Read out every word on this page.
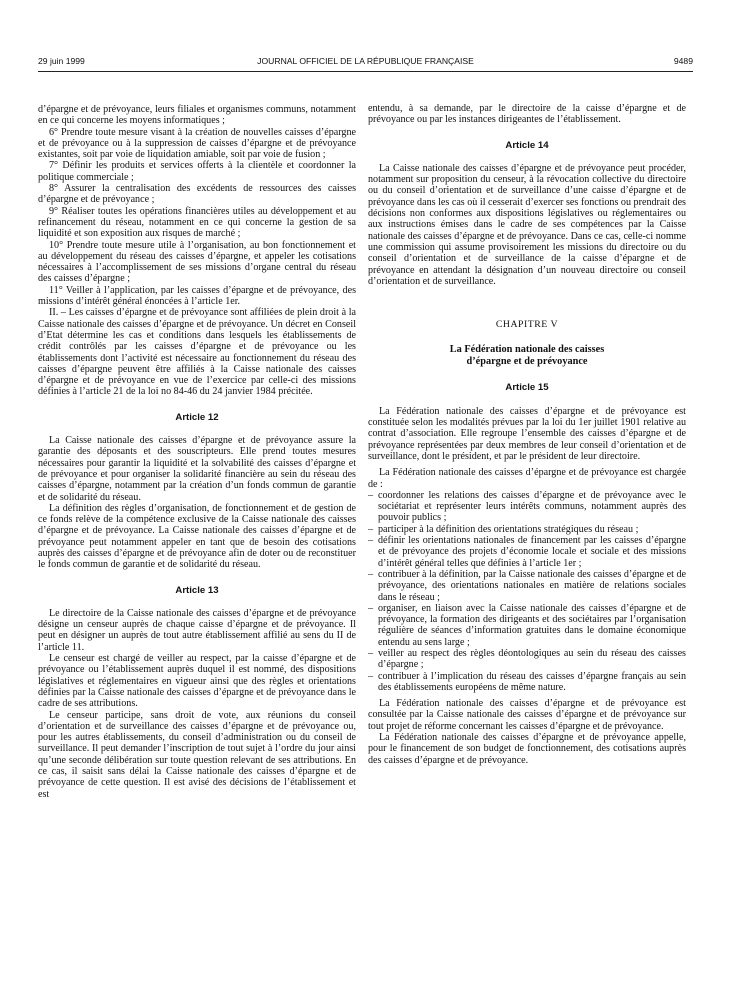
29 juin 1999	JOURNAL OFFICIEL DE LA RÉPUBLIQUE FRANÇAISE	9489

d’épargne et de prévoyance, leurs filiales et organismes communs, notamment en ce qui concerne les moyens informatiques ;

6° Prendre toute mesure visant à la création de nouvelles caisses d’épargne et de prévoyance ou à la suppression de caisses d’épargne et de prévoyance existantes, soit par voie de liquidation amiable, soit par voie de fusion ;

7° Définir les produits et services offerts à la clientèle et coordonner la politique commerciale ;

8° Assurer la centralisation des excédents de ressources des caisses d’épargne et de prévoyance ;

9° Réaliser toutes les opérations financières utiles au développement et au refinancement du réseau, notamment en ce qui concerne la gestion de sa liquidité et son exposition aux risques de marché ;

10° Prendre toute mesure utile à l’organisation, au bon fonctionnement et au développement du réseau des caisses d’épargne, et appeler les cotisations nécessaires à l’accomplissement de ses missions d’organe central du réseau des caisses d’épargne ;

11° Veiller à l’application, par les caisses d’épargne et de prévoyance, des missions d’intérêt général énoncées à l’article 1er.

II. – Les caisses d’épargne et de prévoyance sont affiliées de plein droit à la Caisse nationale des caisses d’épargne et de prévoyance. Un décret en Conseil d’Etat détermine les cas et conditions dans lesquels les établissements de crédit contrôlés par les caisses d’épargne et de prévoyance ou les établissements dont l’activité est nécessaire au fonctionnement du réseau des caisses d’épargne peuvent être affiliés à la Caisse nationale des caisses d’épargne et de prévoyance en vue de l’exercice par celle-ci des missions définies à l’article 21 de la loi no 84-46 du 24 janvier 1984 précitée.

Article 12

La Caisse nationale des caisses d’épargne et de prévoyance assure la garantie des déposants et des souscripteurs. Elle prend toutes mesures nécessaires pour garantir la liquidité et la solvabilité des caisses d’épargne et de prévoyance et pour organiser la solidarité financière au sein du réseau des caisses d’épargne, notamment par la création d’un fonds commun de garantie et de solidarité du réseau.

La définition des règles d’organisation, de fonctionnement et de gestion de ce fonds relève de la compétence exclusive de la Caisse nationale des caisses d’épargne et de prévoyance. La Caisse nationale des caisses d’épargne et de prévoyance peut notamment appeler en tant que de besoin des cotisations auprès des caisses d’épargne et de prévoyance afin de doter ou de reconstituer le fonds commun de garantie et de solidarité du réseau.

Article 13

Le directoire de la Caisse nationale des caisses d’épargne et de prévoyance désigne un censeur auprès de chaque caisse d’épargne et de prévoyance. Il peut en désigner un auprès de tout autre établissement affilié au sens du II de l’article 11.

Le censeur est chargé de veiller au respect, par la caisse d’épargne et de prévoyance ou l’établissement auprès duquel il est nommé, des dispositions législatives et réglementaires en vigueur ainsi que des règles et orientations définies par la Caisse nationale des caisses d’épargne et de prévoyance dans le cadre de ses attributions.

Le censeur participe, sans droit de vote, aux réunions du conseil d’orientation et de surveillance des caisses d’épargne et de prévoyance ou, pour les autres établissements, du conseil d’administration ou du conseil de surveillance. Il peut demander l’inscription de tout sujet à l’ordre du jour ainsi qu’une seconde délibération sur toute question relevant de ses attributions. En ce cas, il saisit sans délai la Caisse nationale des caisses d’épargne et de prévoyance de cette question. Il est avisé des décisions de l’établissement et est

entendu, à sa demande, par le directoire de la caisse d’épargne et de prévoyance ou par les instances dirigeantes de l’établissement.

Article 14

La Caisse nationale des caisses d’épargne et de prévoyance peut procéder, notamment sur proposition du censeur, à la révocation collective du directoire ou du conseil d’orientation et de surveillance d’une caisse d’épargne et de prévoyance dans les cas où il cesserait d’exercer ses fonctions ou prendrait des décisions non conformes aux dispositions législatives ou réglementaires ou aux instructions émises dans le cadre de ses compétences par la Caisse nationale des caisses d’épargne et de prévoyance. Dans ce cas, celle-ci nomme une commission qui assume provisoirement les missions du directoire ou du conseil d’orientation et de surveillance de la caisse d’épargne et de prévoyance en attendant la désignation d’un nouveau directoire ou conseil d’orientation et de surveillance.

CHAPITRE V
La Fédération nationale des caisses
d’épargne et de prévoyance
Article 15

La Fédération nationale des caisses d’épargne et de prévoyance est constituée selon les modalités prévues par la loi du 1er juillet 1901 relative au contrat d’association. Elle regroupe l’ensemble des caisses d’épargne et de prévoyance représentées par deux membres de leur conseil d’orientation et de surveillance, dont le président, et par le président de leur directoire.

La Fédération nationale des caisses d’épargne et de prévoyance est chargée de :

– coordonner les relations des caisses d’épargne et de prévoyance avec le sociétariat et représenter leurs intérêts communs, notamment auprès des pouvoir publics ;
– participer à la définition des orientations stratégiques du réseau ;
– définir les orientations nationales de financement par les caisses d’épargne et de prévoyance des projets d’économie locale et sociale et des missions d’intérêt général telles que définies à l’article 1er ;
– contribuer à la définition, par la Caisse nationale des caisses d’épargne et de prévoyance, des orientations nationales en matière de relations sociales dans le réseau ;
– organiser, en liaison avec la Caisse nationale des caisses d’épargne et de prévoyance, la formation des dirigeants et des sociétaires par l’organisation régulière de séances d’information gratuites dans le domaine économique entendu au sens large ;
– veiller au respect des règles déontologiques au sein du réseau des caisses d’épargne ;
– contribuer à l’implication du réseau des caisses d’épargne français au sein des établissements européens de même nature.

La Fédération nationale des caisses d’épargne et de prévoyance est consultée par la Caisse nationale des caisses d’épargne et de prévoyance sur tout projet de réforme concernant les caisses d’épargne et de prévoyance.

La Fédération nationale des caisses d’épargne et de prévoyance appelle, pour le financement de son budget de fonctionnement, des cotisations auprès des caisses d’épargne et de prévoyance.
